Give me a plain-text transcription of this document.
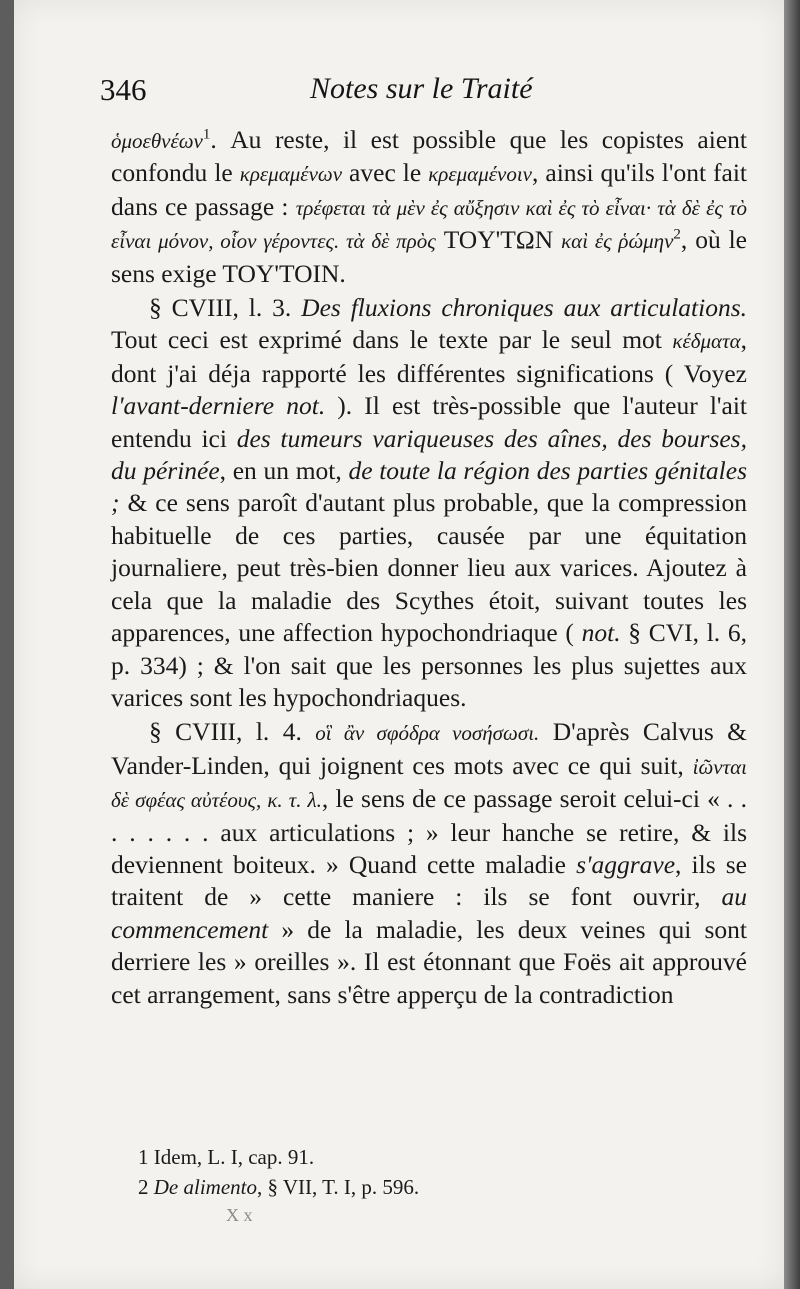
346	Notes sur le Traité

ὁμοεθνέων$^1$. Au reste, il est possible que les copistes aient confondu le κρεμαμένων avec le κρεμαμένοιν, ainsi qu'ils l'ont fait dans ce passage : τρέφεται τὰ μὲν ἐς αὔξησιν καὶ ἐς τὸ εἶναι· τὰ δὲ ἐς τὸ εἶναι μόνον, οἷον γέροντες. τὰ δὲ πρὸς TOY'TΩN καὶ ἐς ῥώμην$^2$, où le sens exige TOY'TOIN.

§ CVIII, l. 3. Des fluxions chroniques aux articulations. Tout ceci est exprimé dans le texte par le seul mot κέδματα, dont j'ai déja rapporté les différentes significations ( Voyez l'avant-derniere not. ). Il est très-possible que l'auteur l'ait entendu ici des tumeurs variqueuses des aînes, des bourses, du périnée, en un mot, de toute la région des parties génitales ; & ce sens paroît d'autant plus probable, que la compression habituelle de ces parties, causée par une équitation journaliere, peut très-bien donner lieu aux varices. Ajoutez à cela que la maladie des Scythes étoit, suivant toutes les apparences, une affection hypochondriaque ( not. § CVI, l. 6, p. 334) ; & l'on sait que les personnes les plus sujettes aux varices sont les hypochondriaques.

§ CVIII, l. 4. οἳ ἂν σφόδρα νοσήσωσι. D'après Calvus & Vander-Linden, qui joignent ces mots avec ce qui suit, ἰῶνται δὲ σφέας αὐτέους, κ. τ. λ., le sens de ce passage seroit celui-ci « . . . . . . . . aux articulations ; » leur hanche se retire, & ils deviennent boiteux. » Quand cette maladie s'aggrave, ils se traitent de » cette maniere : ils se font ouvrir, au commencement » de la maladie, les deux veines qui sont derriere les » oreilles ». Il est étonnant que Foës ait approuvé cet arrangement, sans s'être apperçu de la contradiction

1 Idem, L. I, cap. 91.

2 De alimento, § VII, T. I, p. 596.

X x
